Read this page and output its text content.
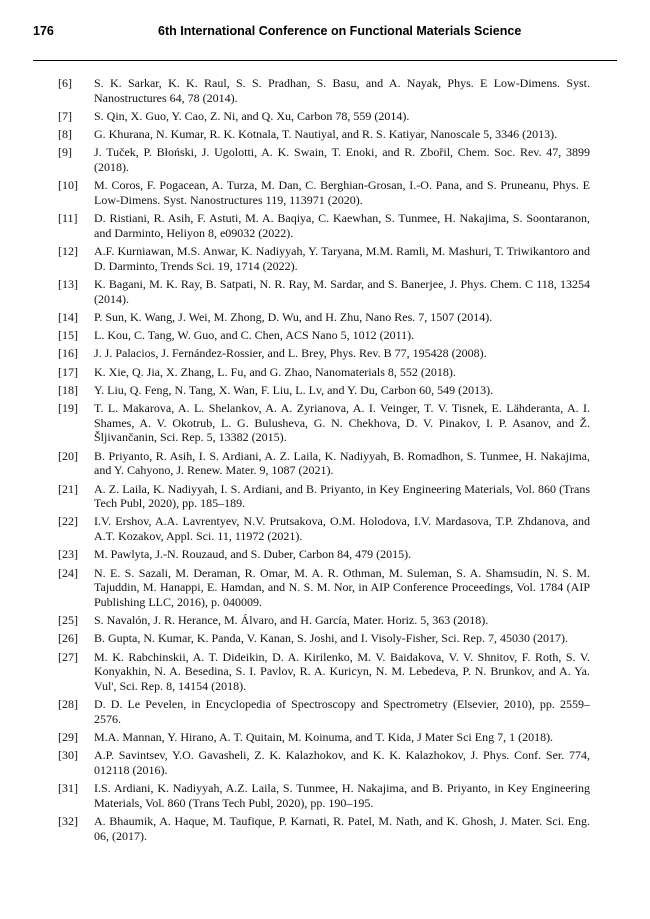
176	6th International Conference on Functional Materials Science
[6]	S. K. Sarkar, K. K. Raul, S. S. Pradhan, S. Basu, and A. Nayak, Phys. E Low-Dimens. Syst. Nanostructures 64, 78 (2014).
[7]	S. Qin, X. Guo, Y. Cao, Z. Ni, and Q. Xu, Carbon 78, 559 (2014).
[8]	G. Khurana, N. Kumar, R. K. Kotnala, T. Nautiyal, and R. S. Katiyar, Nanoscale 5, 3346 (2013).
[9]	J. Tuček, P. Błoński, J. Ugolotti, A. K. Swain, T. Enoki, and R. Zbořil, Chem. Soc. Rev. 47, 3899 (2018).
[10]	M. Coros, F. Pogacean, A. Turza, M. Dan, C. Berghian-Grosan, I.-O. Pana, and S. Pruneanu, Phys. E Low-Dimens. Syst. Nanostructures 119, 113971 (2020).
[11]	D. Ristiani, R. Asih, F. Astuti, M. A. Baqiya, C. Kaewhan, S. Tunmee, H. Nakajima, S. Soontaranon, and Darminto, Heliyon 8, e09032 (2022).
[12]	A.F. Kurniawan, M.S. Anwar, K. Nadiyyah, Y. Taryana, M.M. Ramli, M. Mashuri, T. Triwikantoro and D. Darminto, Trends Sci. 19, 1714 (2022).
[13]	K. Bagani, M. K. Ray, B. Satpati, N. R. Ray, M. Sardar, and S. Banerjee, J. Phys. Chem. C 118, 13254 (2014).
[14]	P. Sun, K. Wang, J. Wei, M. Zhong, D. Wu, and H. Zhu, Nano Res. 7, 1507 (2014).
[15]	L. Kou, C. Tang, W. Guo, and C. Chen, ACS Nano 5, 1012 (2011).
[16]	J. J. Palacios, J. Fernández-Rossier, and L. Brey, Phys. Rev. B 77, 195428 (2008).
[17]	K. Xie, Q. Jia, X. Zhang, L. Fu, and G. Zhao, Nanomaterials 8, 552 (2018).
[18]	Y. Liu, Q. Feng, N. Tang, X. Wan, F. Liu, L. Lv, and Y. Du, Carbon 60, 549 (2013).
[19]	T. L. Makarova, A. L. Shelankov, A. A. Zyrianova, A. I. Veinger, T. V. Tisnek, E. Lähderanta, A. I. Shames, A. V. Okotrub, L. G. Bulusheva, G. N. Chekhova, D. V. Pinakov, I. P. Asanov, and Ž. Šljivančanin, Sci. Rep. 5, 13382 (2015).
[20]	B. Priyanto, R. Asih, I. S. Ardiani, A. Z. Laila, K. Nadiyyah, B. Romadhon, S. Tunmee, H. Nakajima, and Y. Cahyono, J. Renew. Mater. 9, 1087 (2021).
[21]	A. Z. Laila, K. Nadiyyah, I. S. Ardiani, and B. Priyanto, in Key Engineering Materials, Vol. 860 (Trans Tech Publ, 2020), pp. 185–189.
[22]	I.V. Ershov, A.A. Lavrentyev, N.V. Prutsakova, O.M. Holodova, I.V. Mardasova, T.P. Zhdanova, and A.T. Kozakov, Appl. Sci. 11, 11972 (2021).
[23]	M. Pawlyta, J.-N. Rouzaud, and S. Duber, Carbon 84, 479 (2015).
[24]	N. E. S. Sazali, M. Deraman, R. Omar, M. A. R. Othman, M. Suleman, S. A. Shamsudin, N. S. M. Tajuddin, M. Hanappi, E. Hamdan, and N. S. M. Nor, in AIP Conference Proceedings, Vol. 1784 (AIP Publishing LLC, 2016), p. 040009.
[25]	S. Navalón, J. R. Herance, M. Álvaro, and H. García, Mater. Horiz. 5, 363 (2018).
[26]	B. Gupta, N. Kumar, K. Panda, V. Kanan, S. Joshi, and I. Visoly-Fisher, Sci. Rep. 7, 45030 (2017).
[27]	M. K. Rabchinskii, A. T. Dideikin, D. A. Kirilenko, M. V. Baidakova, V. V. Shnitov, F. Roth, S. V. Konyakhin, N. A. Besedina, S. I. Pavlov, R. A. Kuricyn, N. M. Lebedeva, P. N. Brunkov, and A. Ya. Vul', Sci. Rep. 8, 14154 (2018).
[28]	D. D. Le Pevelen, in Encyclopedia of Spectroscopy and Spectrometry (Elsevier, 2010), pp. 2559–2576.
[29]	M.A. Mannan, Y. Hirano, A. T. Quitain, M. Koinuma, and T. Kida, J Mater Sci Eng 7, 1 (2018).
[30]	A.P. Savintsev, Y.O. Gavasheli, Z. K. Kalazhokov, and K. K. Kalazhokov, J. Phys. Conf. Ser. 774, 012118 (2016).
[31]	I.S. Ardiani, K. Nadiyyah, A.Z. Laila, S. Tunmee, H. Nakajima, and B. Priyanto, in Key Engineering Materials, Vol. 860 (Trans Tech Publ, 2020), pp. 190–195.
[32]	A. Bhaumik, A. Haque, M. Taufique, P. Karnati, R. Patel, M. Nath, and K. Ghosh, J. Mater. Sci. Eng. 06, (2017).
